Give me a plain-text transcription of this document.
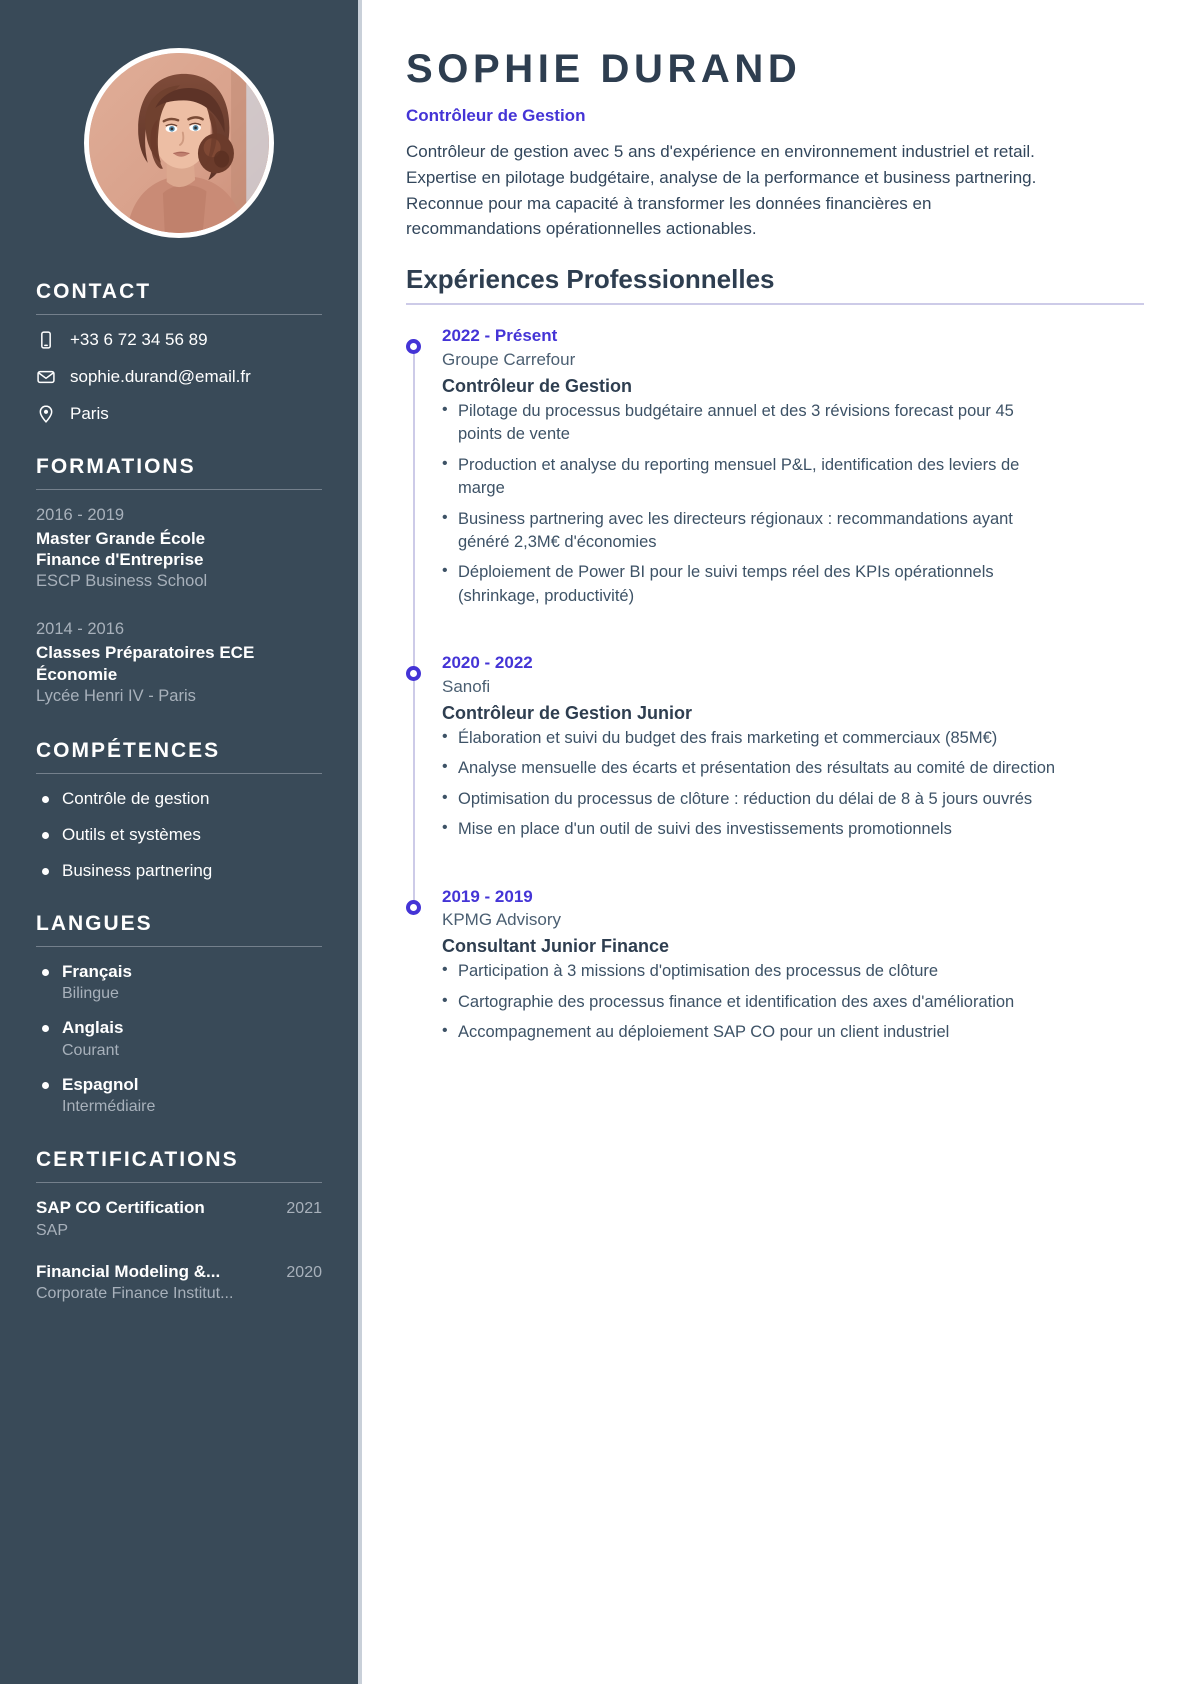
CONTACT
+33 6 72 34 56 89
sophie.durand@email.fr
Paris
FORMATIONS
2016 - 2019
Master Grande École
Finance d'Entreprise
ESCP Business School
2014 - 2016
Classes Préparatoires ECE
Économie
Lycée Henri IV - Paris
COMPÉTENCES
Contrôle de gestion
Outils et systèmes
Business partnering
LANGUES
Français
Bilingue
Anglais
Courant
Espagnol
Intermédiaire
CERTIFICATIONS
SAP CO Certification	2021
SAP
Financial Modeling &...	2020
Corporate Finance Institut...
SOPHIE DURAND
Contrôleur de Gestion

Contrôleur de gestion avec 5 ans d'expérience en environnement industriel et retail. Expertise en pilotage budgétaire, analyse de la performance et business partnering. Reconnue pour ma capacité à transformer les données financières en recommandations opérationnelles actionables.

Expériences Professionnelles
2022 - Présent
Groupe Carrefour
Contrôleur de Gestion
• Pilotage du processus budgétaire annuel et des 3 révisions forecast pour 45 points de vente
• Production et analyse du reporting mensuel P&L, identification des leviers de marge
• Business partnering avec les directeurs régionaux : recommandations ayant généré 2,3M€ d'économies
• Déploiement de Power BI pour le suivi temps réel des KPIs opérationnels (shrinkage, productivité)
2020 - 2022
Sanofi
Contrôleur de Gestion Junior
• Élaboration et suivi du budget des frais marketing et commerciaux (85M€)
• Analyse mensuelle des écarts et présentation des résultats au comité de direction
• Optimisation du processus de clôture : réduction du délai de 8 à 5 jours ouvrés
• Mise en place d'un outil de suivi des investissements promotionnels
2019 - 2019
KPMG Advisory
Consultant Junior Finance
• Participation à 3 missions d'optimisation des processus de clôture
• Cartographie des processus finance et identification des axes d'amélioration
• Accompagnement au déploiement SAP CO pour un client industriel
